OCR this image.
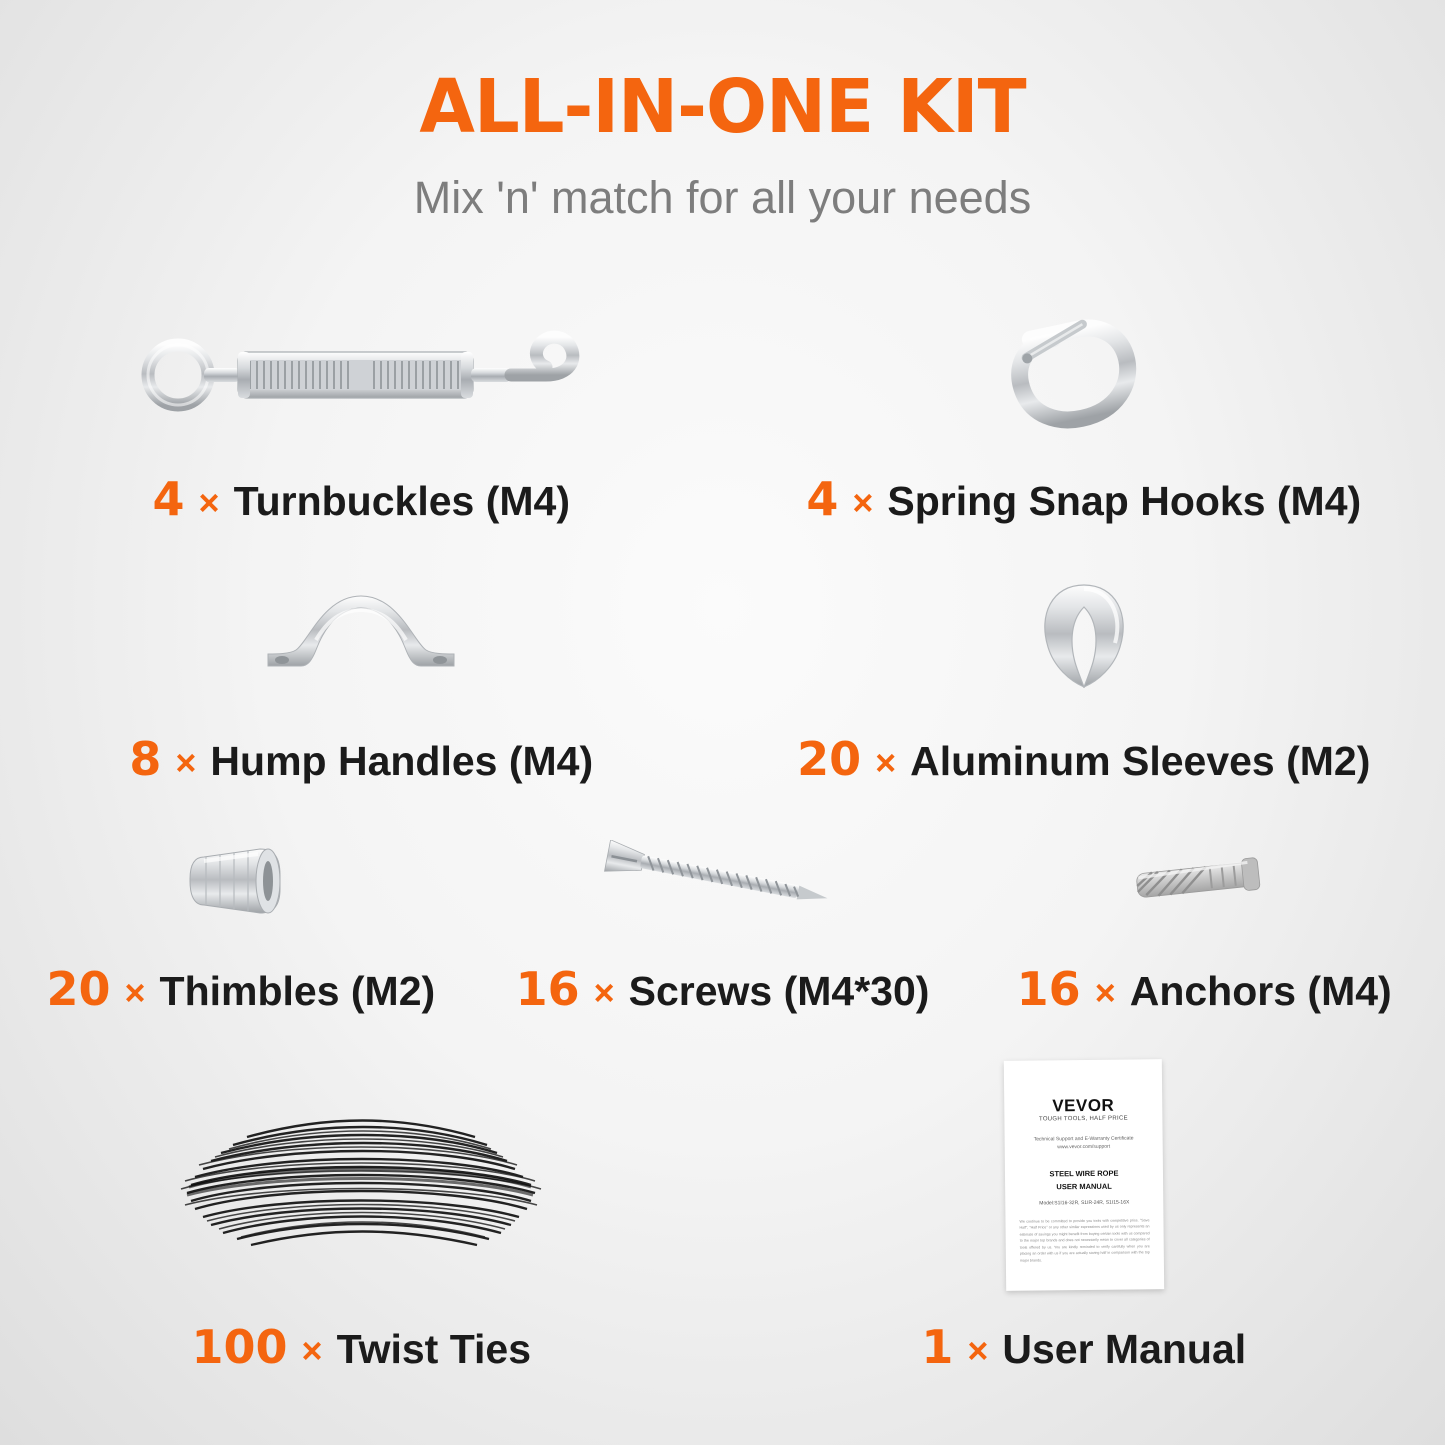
ALL-IN-ONE KIT

Mix 'n' match for all your needs

4 × Turnbuckles (M4)	4 × Spring Snap Hooks (M4)
8 × Hump Handles (M4)	20 × Aluminum Sleeves (M2)
20 × Thimbles (M2) 16 × Screws (M4*30) 16 × Anchors (M4)
100 × Twist Ties
VEVOR
TOUGH TOOLS, HALF PRICE
Technical Support and E-Warranty Certificate
www.vevor.com/support
STEEL WIRE ROPE
USER MANUAL
Model:S1I16-32R, S1IR-24R, S1I15-16X
We continue to be committed to provide you tools with competitive price. "Save Half", "Half Price" or any other similar expressions used by us only represents an estimate of savings you might benefit from buying certain tools with us compared to the major top brands and does not necessarily mean to cover all categories of tools offered by us. You are kindly reminded to verify carefully when you are placing an order with us if you are actually saving half in comparison with the top major brands.
1 × User Manual
